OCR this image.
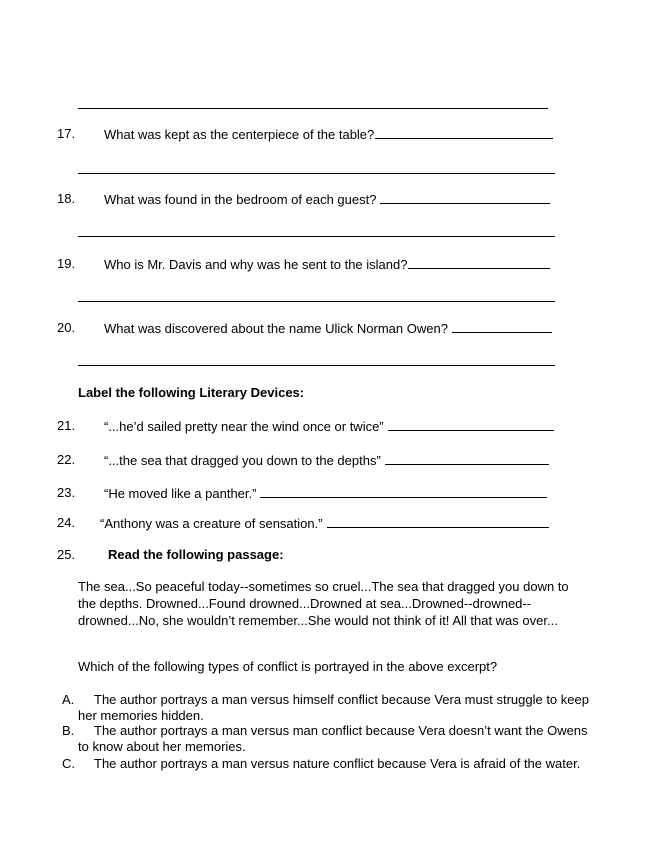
17. What was kept as the centerpiece of the table?
18. What was found in the bedroom of each guest?
19. Who is Mr. Davis and why was he sent to the island?
20. What was discovered about the name Ulick Norman Owen?
Label the following Literary Devices:
21. “...he’d sailed pretty near the wind once or twice”
22. “...the sea that dragged you down to the depths”
23. “He moved like a panther.”
24. “Anthony was a creature of sensation.”
25.	Read the following passage:
The sea...So peaceful today--sometimes so cruel...The sea that dragged you down to the depths. Drowned...Found drowned...Drowned at sea...Drowned--drowned--drowned...No, she wouldn’t remember...She would not think of it! All that was over...
Which of the following types of conflict is portrayed in the above excerpt?
A.	The author portrays a man versus himself conflict because Vera must struggle to keep her memories hidden.
B.	The author portrays a man versus man conflict because Vera doesn’t want the Owens to know about her memories.
C.	The author portrays a man versus nature conflict because Vera is afraid of the water.
